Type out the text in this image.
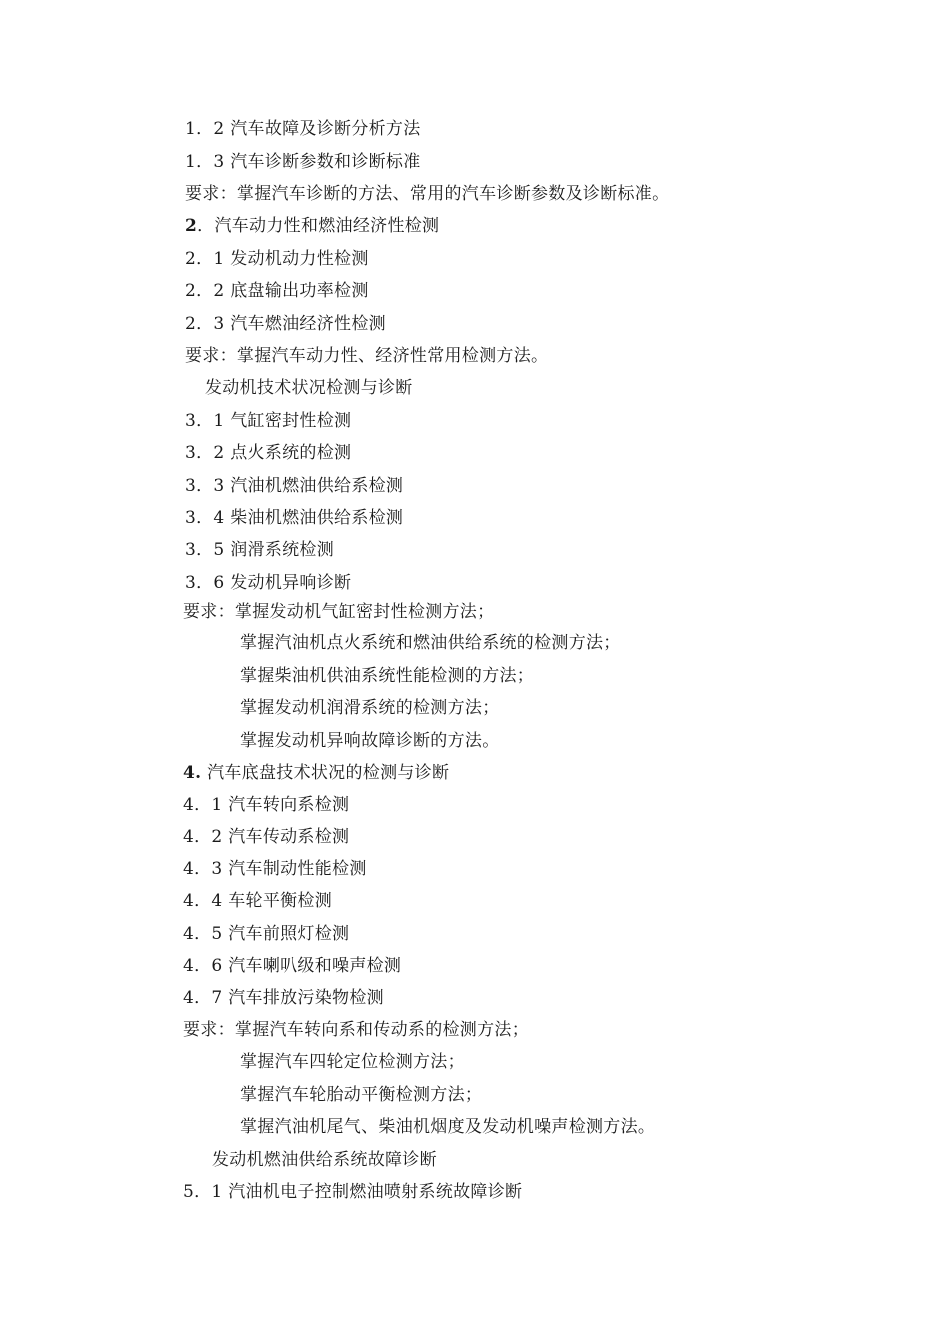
1．2 汽车故障及诊断分析方法
1．3 汽车诊断参数和诊断标准
要求：掌握汽车诊断的方法、常用的汽车诊断参数及诊断标准。
2．汽车动力性和燃油经济性检测
2．1 发动机动力性检测
2．2 底盘输出功率检测
2．3 汽车燃油经济性检测
要求：掌握汽车动力性、经济性常用检测方法。
发动机技术状况检测与诊断
3．1 气缸密封性检测
3．2 点火系统的检测
3．3 汽油机燃油供给系检测
3．4 柴油机燃油供给系检测
3．5 润滑系统检测
3．6 发动机异响诊断
要求：掌握发动机气缸密封性检测方法；
掌握汽油机点火系统和燃油供给系统的检测方法；
掌握柴油机供油系统性能检测的方法；
掌握发动机润滑系统的检测方法；
掌握发动机异响故障诊断的方法。
4. 汽车底盘技术状况的检测与诊断
4．1 汽车转向系检测
4．2 汽车传动系检测
4．3 汽车制动性能检测
4．4 车轮平衡检测
4．5 汽车前照灯检测
4．6 汽车喇叭级和噪声检测
4．7 汽车排放污染物检测
要求：掌握汽车转向系和传动系的检测方法；
掌握汽车四轮定位检测方法；
掌握汽车轮胎动平衡检测方法；
掌握汽油机尾气、柴油机烟度及发动机噪声检测方法。
发动机燃油供给系统故障诊断
5．1 汽油机电子控制燃油喷射系统故障诊断
